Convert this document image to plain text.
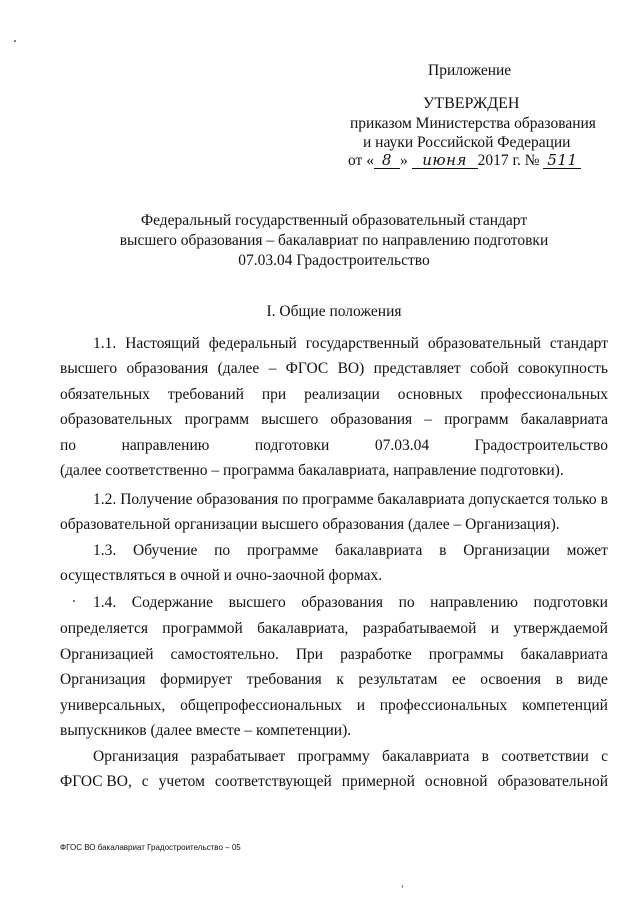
Приложение
УТВЕРЖДЕН
приказом Министерства образования
и науки Российской Федерации
от « 8 » июня 2017 г. № 511
Федеральный государственный образовательный стандарт
высшего образования – бакалавриат по направлению подготовки
07.03.04 Градостроительство
I. Общие положения
1.1. Настоящий федеральный государственный образовательный стандарт
высшего образования (далее – ФГОС ВО) представляет собой совокупность
обязательных требований при реализации основных профессиональных
образовательных программ высшего образования – программ бакалавриата
по	направлению	подготовки	07.03.04	Градостроительство
(далее соответственно – программа бакалавриата, направление подготовки).
1.2. Получение образования по программе бакалавриата допускается только в
образовательной организации высшего образования (далее – Организация).
1.3. Обучение по программе бакалавриата в Организации может
осуществляться в очной и очно-заочной формах.
1.4. Содержание высшего образования по направлению подготовки
определяется программой бакалавриата, разрабатываемой и утверждаемой
Организацией самостоятельно. При разработке программы бакалавриата
Организация формирует требования к результатам ее освоения в виде
универсальных, общепрофессиональных и профессиональных компетенций
выпускников (далее вместе – компетенции).
Организация разрабатывает программу бакалавриата в соответствии с
ФГОС ВО, с учетом соответствующей примерной основной образовательной
ФГОС ВО бакалавриат Градостроительство – 05
